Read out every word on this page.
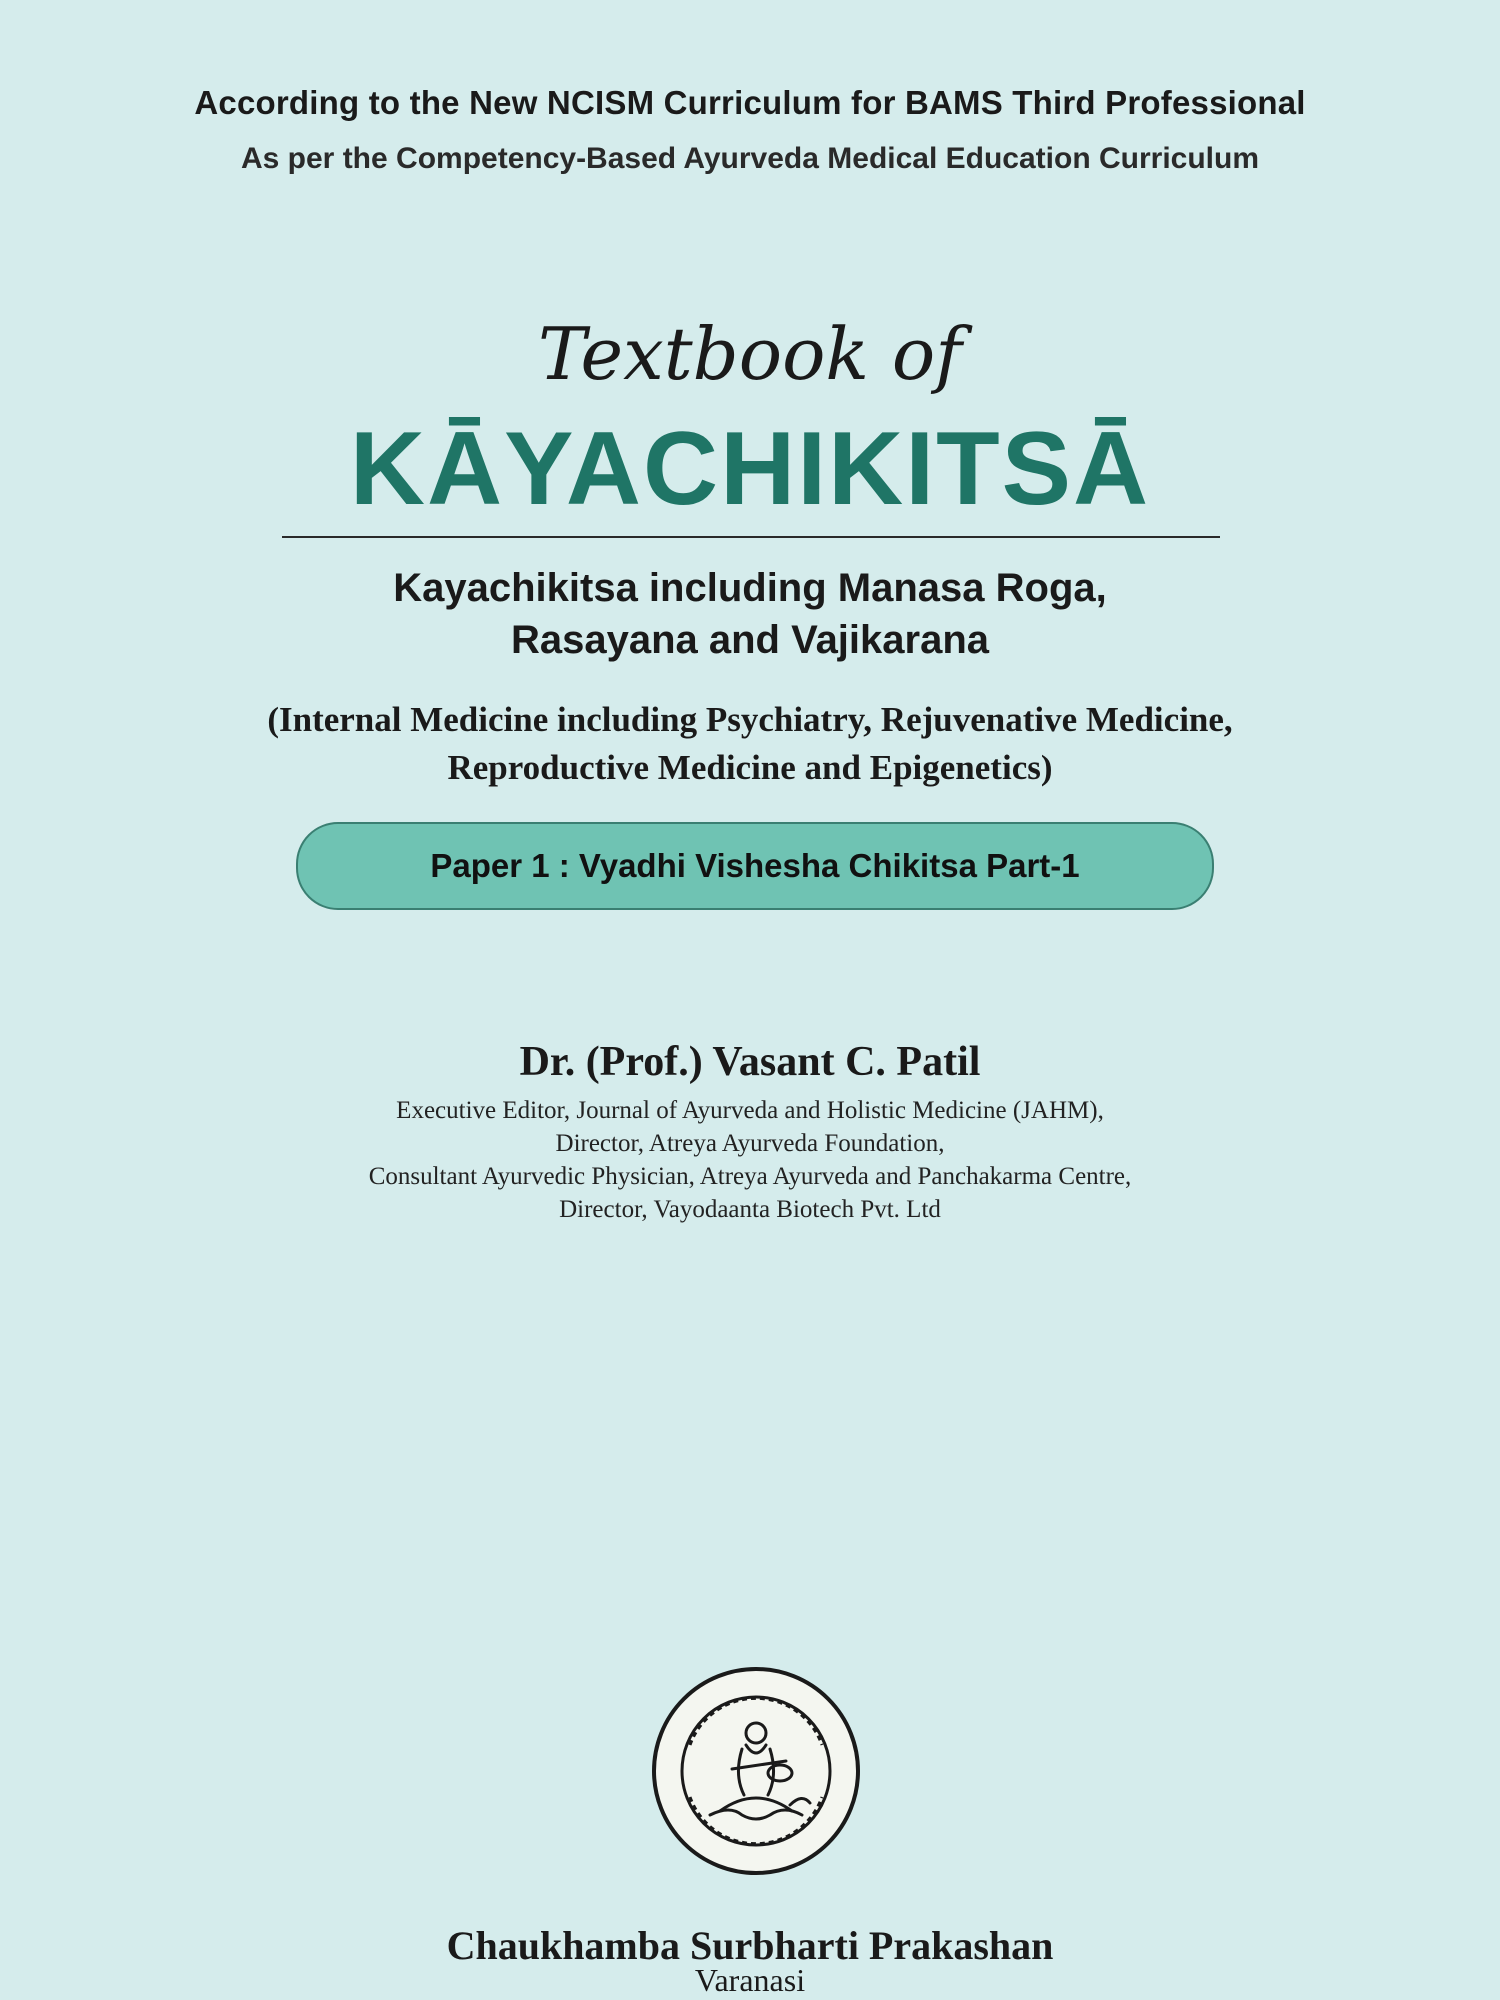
According to the New NCISM Curriculum for BAMS Third Professional
As per the Competency-Based Ayurveda Medical Education Curriculum
Textbook of
KĀYACHIKITSĀ
Kayachikitsa including Manasa Roga,
Rasayana and Vajikarana
(Internal Medicine including Psychiatry, Rejuvenative Medicine,
Reproductive Medicine and Epigenetics)
Paper 1 : Vyadhi Vishesha Chikitsa Part-1
Dr. (Prof.) Vasant C. Patil
Executive Editor, Journal of Ayurveda and Holistic Medicine (JAHM),
Director, Atreya Ayurveda Foundation,
Consultant Ayurvedic Physician, Atreya Ayurveda and Panchakarma Centre,
Director, Vayodaanta Biotech Pvt. Ltd
Chaukhamba Surbharti Prakashan
Varanasi
